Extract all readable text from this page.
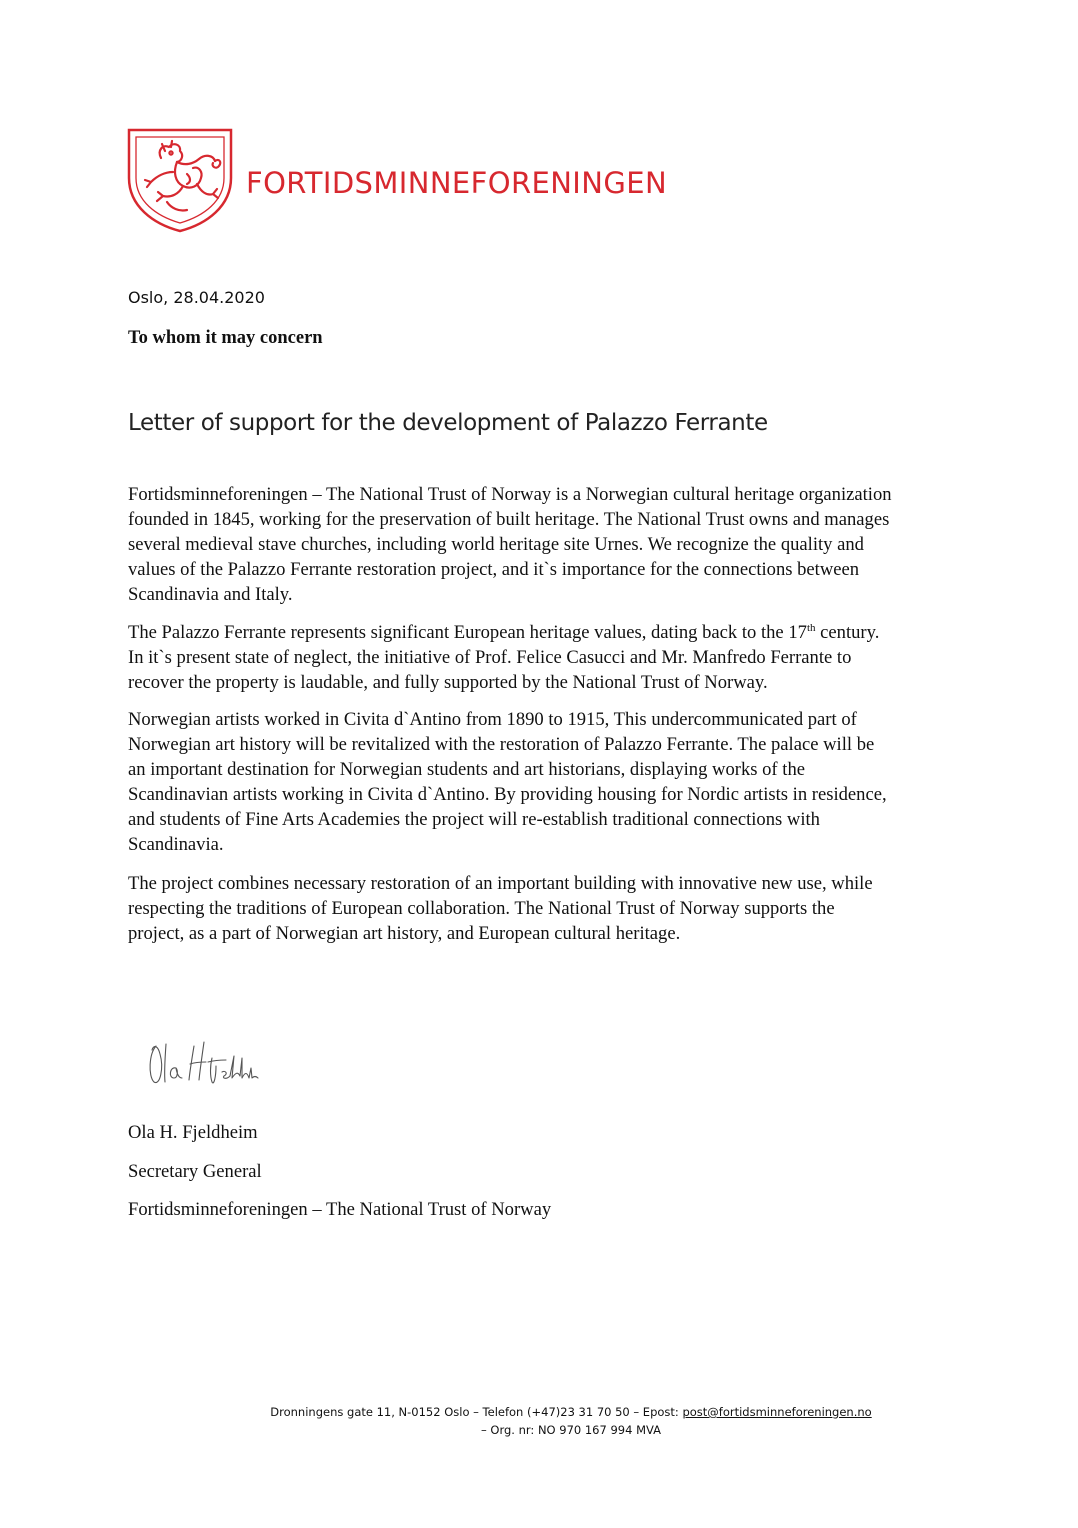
FORTIDSMINNEFORENINGEN
Oslo, 28.04.2020
To whom it may concern
Letter of support for the development of Palazzo Ferrante
Fortidsminneforeningen – The National Trust of Norway is a Norwegian cultural heritage organization
founded in 1845, working for the preservation of built heritage. The National Trust owns and manages
several medieval stave churches, including world heritage site Urnes. We recognize the quality and
values of the Palazzo Ferrante restoration project, and it`s importance for the connections between
Scandinavia and Italy.
The Palazzo Ferrante represents significant European heritage values, dating back to the 17th century.
In it`s present state of neglect, the initiative of Prof. Felice Casucci and Mr. Manfredo Ferrante to
recover the property is laudable, and fully supported by the National Trust of Norway.
Norwegian artists worked in Civita d`Antino from 1890 to 1915, This undercommunicated part of
Norwegian art history will be revitalized with the restoration of Palazzo Ferrante. The palace will be
an important destination for Norwegian students and art historians, displaying works of the
Scandinavian artists working in Civita d`Antino. By providing housing for Nordic artists in residence,
and students of Fine Arts Academies the project will re-establish traditional connections with
Scandinavia.
The project combines necessary restoration of an important building with innovative new use, while
respecting the traditions of European collaboration. The National Trust of Norway supports the
project, as a part of Norwegian art history, and European cultural heritage.
Ola H. Fjeldheim
Secretary General
Fortidsminneforeningen – The National Trust of Norway
Dronningens gate 11, N-0152 Oslo – Telefon (+47)23 31 70 50 – Epost: post@fortidsminneforeningen.no
– Org. nr: NO 970 167 994 MVA
